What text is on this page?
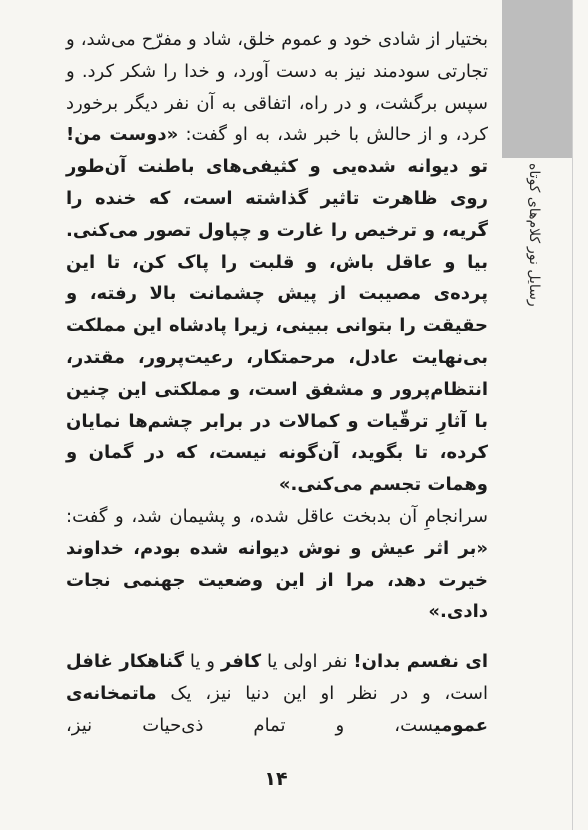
کلام‌های کوتاه
رسایل نور

بختیار از شادی خود و عموم خلق، شاد و مفرّح می‌شد، و تجارتی سودمند نیز به دست آورد، و خدا را شکر کرد. و سپس برگشت، و در راه، اتفاقی به آن نفر دیگر برخورد کرد، و از حالش با خبر شد، به او گفت: «دوست من! تو دیوانه شده‌یی و کثیفی‌های باطنت آن‌طور روی ظاهرت تاثیر گذاشته است، که خنده را گریه، و ترخیص را غارت و چپاول تصور می‌کنی. بیا و عاقل باش، و قلبت را پاک کن، تا این پرده‌ی مصیبت از پیش چشمانت بالا رفته، و حقیقت را بتوانی ببینی، زیرا پادشاه این مملکت بی‌نهایت عادل، مرحمتکار، رعیت‌پرور، مقتدر، انتظام‌پرور و مشفق است، و مملکتی این چنین با آثارِ ترقّیات و کمالات در برابر چشم‌ها نمایان کرده، تا بگوید، آن‌گونه نیست، که در گمان و وهمات تجسم می‌کنی.»

سرانجامِ آن بدبخت عاقل شده، و پشیمان شد، و گفت: «بر اثر عیش و نوش دیوانه شده بودم، خداوند خیرت دهد، مرا از این وضعیت جهنمی نجات دادی.»

ای نفسم بدان! نفر اولی یا کافر و یا گناهکار غافل است، و در نظر او این دنیا نیز، یک ماتمخانه‌ی عمومیست، و تمام ذی‌حیات نیز،

۱۴
